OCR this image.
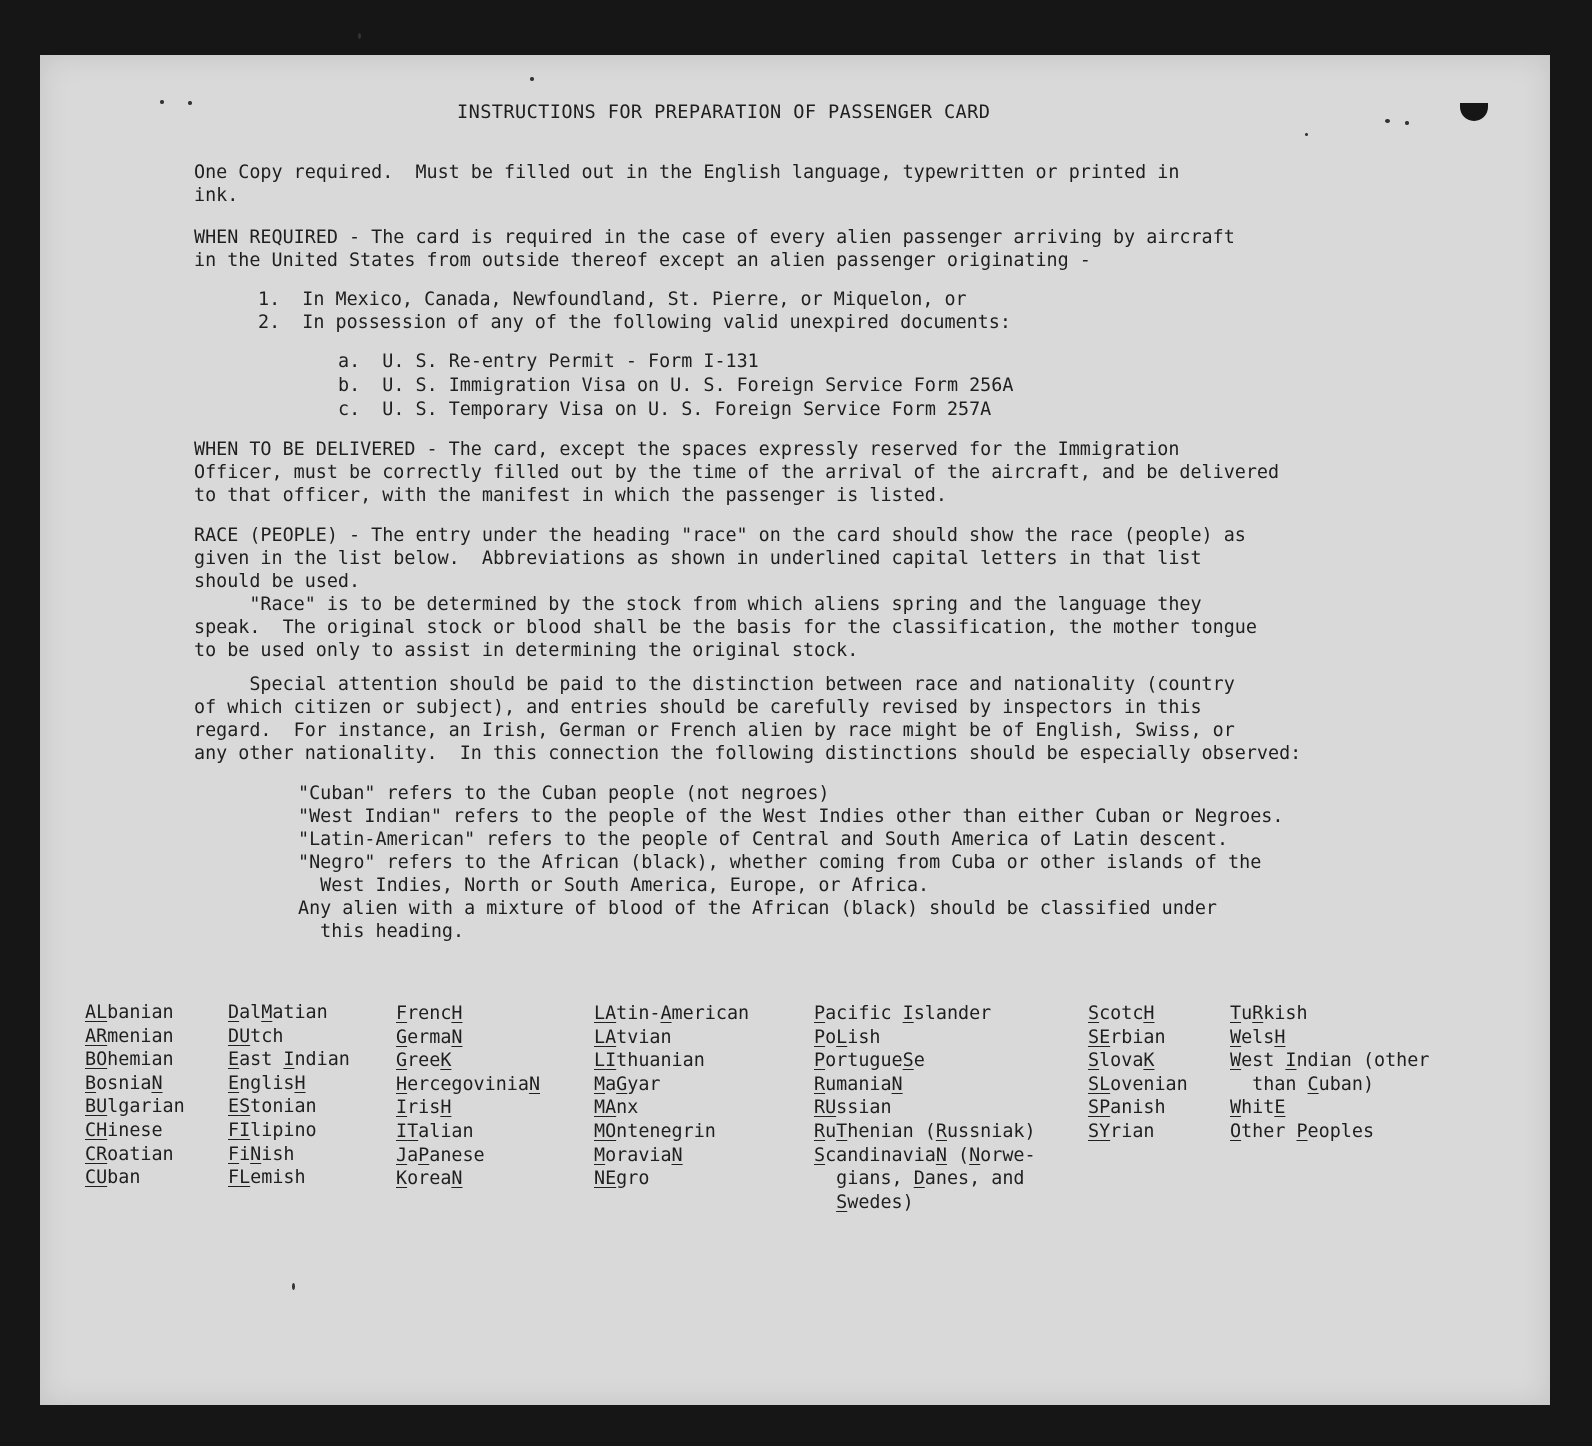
INSTRUCTIONS FOR PREPARATION OF PASSENGER CARD
One Copy required.  Must be filled out in the English language, typewritten or printed in
ink.
WHEN REQUIRED - The card is required in the case of every alien passenger arriving by aircraft
in the United States from outside thereof except an alien passenger originating -
1.  In Mexico, Canada, Newfoundland, St. Pierre, or Miquelon, or
2.  In possession of any of the following valid unexpired documents:
a.  U. S. Re-entry Permit - Form I-131
b.  U. S. Immigration Visa on U. S. Foreign Service Form 256A
c.  U. S. Temporary Visa on U. S. Foreign Service Form 257A
WHEN TO BE DELIVERED - The card, except the spaces expressly reserved for the Immigration
Officer, must be correctly filled out by the time of the arrival of the aircraft, and be delivered
to that officer, with the manifest in which the passenger is listed.
RACE (PEOPLE) - The entry under the heading "race" on the card should show the race (people) as
given in the list below.  Abbreviations as shown in underlined capital letters in that list
should be used.
"Race" is to be determined by the stock from which aliens spring and the language they
speak.  The original stock or blood shall be the basis for the classification, the mother tongue
to be used only to assist in determining the original stock.
Special attention should be paid to the distinction between race and nationality (country
of which citizen or subject), and entries should be carefully revised by inspectors in this
regard.  For instance, an Irish, German or French alien by race might be of English, Swiss, or
any other nationality.  In this connection the following distinctions should be especially observed:
"Cuban" refers to the Cuban people (not negroes)
"West Indian" refers to the people of the West Indies other than either Cuban or Negroes.
"Latin-American" refers to the people of Central and South America of Latin descent.
"Negro" refers to the African (black), whether coming from Cuba or other islands of the
West Indies, North or South America, Europe, or Africa.
Any alien with a mixture of blood of the African (black) should be classified under
this heading.
ALbanian
ARmenian
BOhemian
BosniaN
BUlgarian
CHinese
CRoatian
CUban
DalMatian
DUtch
East Indian
EnglisH
EStonian
FIlipino
FiNish
FLemish
FrencH
GermaN
GreeK
HercegoviniaN
IrisH
ITalian
JaPanese
KoreaN
LAtin-American
LAtvian
LIthuanian
MaGyar
MAnx
MOntenegrin
MoraviaN
NEgro
Pacific Islander
PoLish
PortugueSe
RumaniaN
RUssian
RuThenian (Russniak)
ScandinaviaN (Norwe-
gians, Danes, and
Swedes)
ScotcH
SErbian
SlovaK
SLovenian
SPanish
SYrian
TuRkish
WelsH
West Indian (other
than Cuban)
WhitE
Other Peoples
